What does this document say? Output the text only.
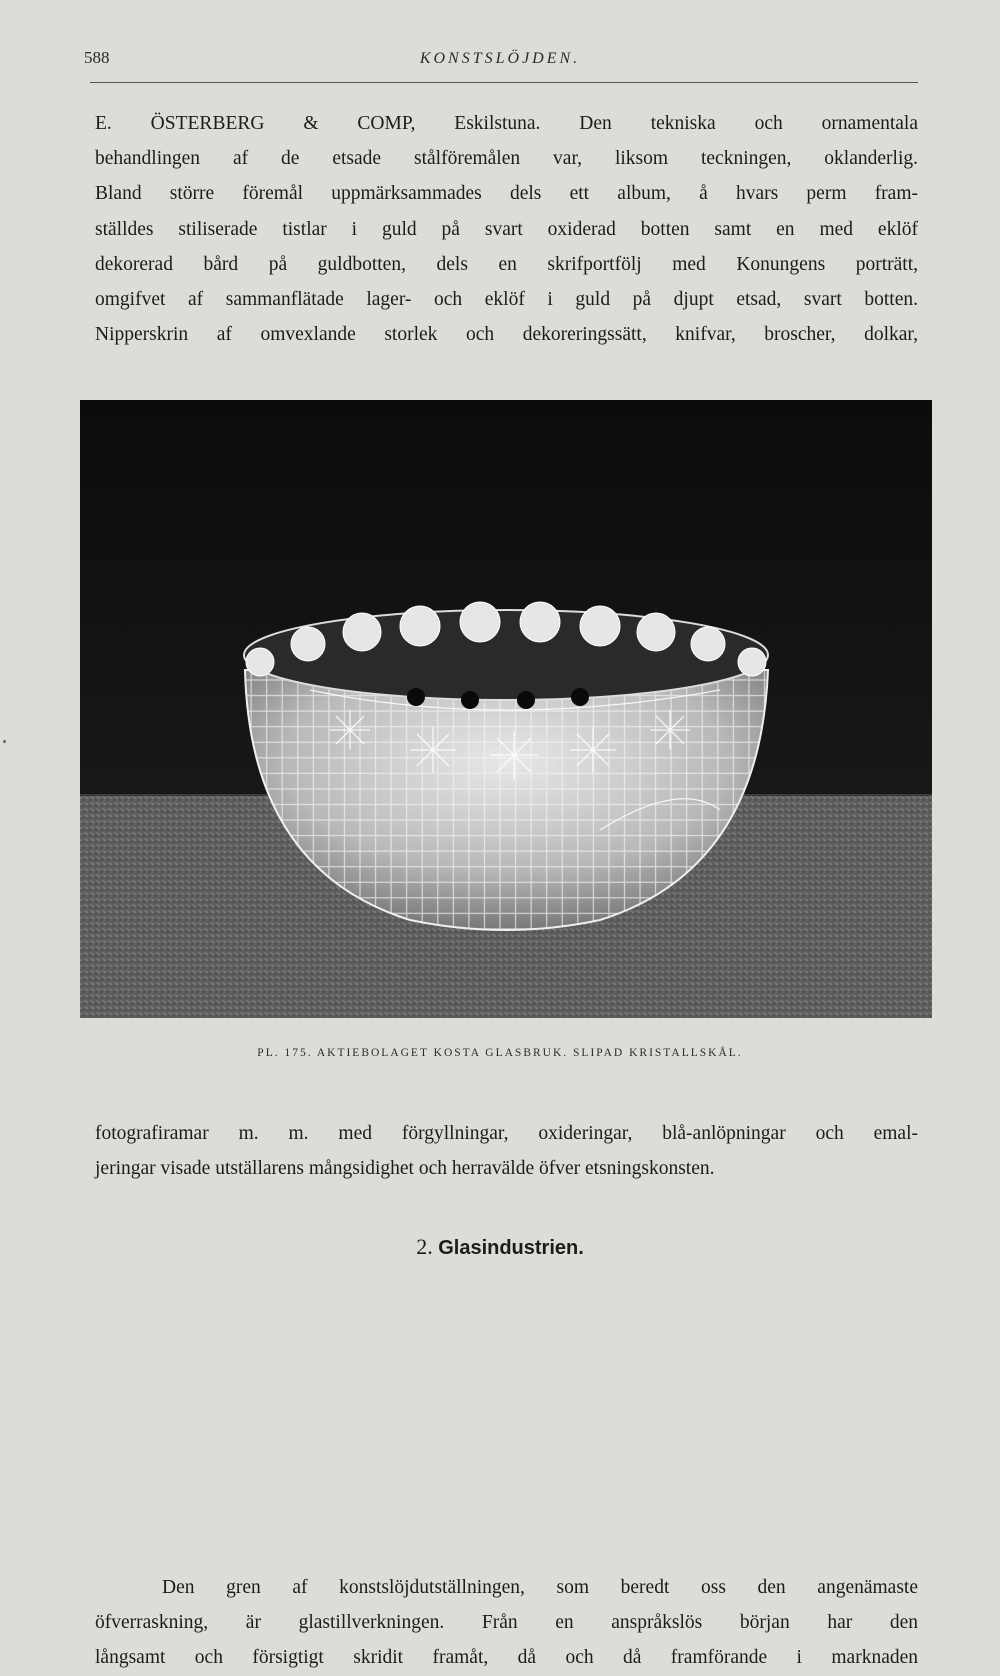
588	KONSTSLÖJDEN.
E. ÖSTERBERG & COMP, Eskilstuna. Den tekniska och ornamentala
behandlingen af de etsade stålföremålen var, liksom teckningen, oklanderlig.
Bland större föremål uppmärksammades dels ett album, å hvars perm fram-
ställdes stiliserade tistlar i guld på svart oxiderad botten samt en med eklöf
dekorerad bård på guldbotten, dels en skrifportfölj med Konungens porträtt,
omgifvet af sammanflätade lager- och eklöf i guld på djupt etsad, svart botten.
Nipperskrin af omvexlande storlek och dekoreringssätt, knifvar, broscher, dolkar,
PL. 175. AKTIEBOLAGET KOSTA GLASBRUK. SLIPAD KRISTALLSKÅL.
fotografiramar m. m. med förgyllningar, oxideringar, blå-anlöpningar och emal-
jeringar visade utställarens mångsidighet och herravälde öfver etsningskonsten.
2. Glasindustrien.
Den gren af konstslöjdutställningen, som beredt oss den angenämaste
öfverraskning, är glastillverkningen. Från en anspråkslös början har den
långsamt och försigtigt skridit framåt, då och då framförande i marknaden
